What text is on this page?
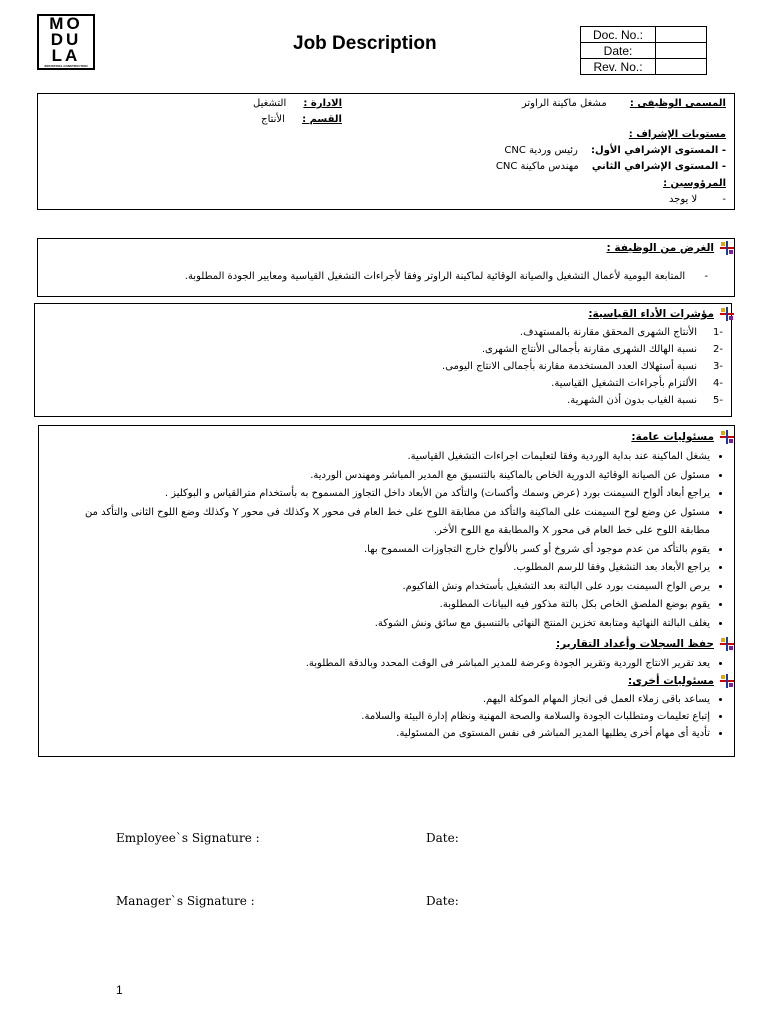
MO
DU
LA
INDUSTRIAL CONSTRUCTION
Job Description	Doc. No.:	
Date:	
Rev. No.:	
المسمى الوظيفى : مشغل ماكينة الراوتر
الادارة : التشغيل
القسم : الأنتاج
مستويات الإشراف :
- المستوى الإشرافي الأول: رئيس وردية CNC
- المستوى الإشرافي الثاني مهندس ماكينة CNC
المرؤوسين :
- لا يوجد
الغرض من الوظيفة :
- المتابعة اليومية لأعمال التشغيل والصيانة الوقائية لماكينة الراوتر وفقا لأجراءات التشغيل القياسية ومعايير الجودة المطلوبة.
مؤشرات الأداء القياسية:
الأنتاج الشهرى المحقق مقارنة بالمستهدف.
نسبة الهالك الشهرى مقارنة بأجمالى الأنتاج الشهرى.
نسبة أستهلاك العدد المستخدمة مقارنة بأجمالى الانتاج اليومى.
الألتزام بأجراءات التشغيل القياسية.
نسبة الغياب بدون أذن الشهرية.
مسئوليات عامة:
• يشغل الماكينة عند بداية الوردية وفقا لتعليمات اجراءات التشغيل القياسية.
• مسئول عن الصيانة الوقائية الدورية الخاص بالماكينة بالتنسيق مع المدير المباشر ومهندس الوردية.
• يراجع أبعاد ألواح السيمنت بورد (عرض وسمك وأكسات) والتأكد من الأبعاد داخل التجاوز المسموح به بأستخدام مترالقياس و البوكليز .
• مسئول عن وضع لوح السيمنت على الماكينة والتأكد من مطابقة اللوح على خط العام فى محور X وكذلك فى محور Y وكذلك وضع اللوح الثانى والتأكد من مطابقة اللوح على خط العام فى محور X والمطابقة مع اللوح الأخر.
• يقوم بالتأكد من عدم موجود أى شروخ أو كسر بالألواح خارج التجاوزات المسموح بها.
• يراجع الأبعاد بعد التشغيل وفقا للرسم المطلوب.
• يرص الواح السيمنت بورد على البالتة بعد التشغيل بأستخدام ونش الفاكيوم.
• يقوم بوضع الملصق الخاص بكل بالتة مذكور فيه البيانات المطلوبة.
• يغلف البالتة النهائية ومتابعة تخزين المنتج النهائى بالتنسيق مع سائق ونش الشوكة.
حفظ السجلات وأعداد التقارير:
• يعد تقرير الانتاج الوردية وتقرير الجودة وعرضة للمدير المباشر فى الوقت المحدد وبالدقة المطلوبة.
مسئوليات أخرى:
• يساعد باقى زملاء العمل فى انجاز المهام الموكلة اليهم.
• إتباع تعليمات ومتطلبات الجودة والسلامة والصحة المهنية ونظام إدارة البيئة والسلامة.
• تأدية أى مهام أخرى يطلبها المدير المباشر فى نفس المستوى من المسئولية.
Employee`s Signature :	Date:
Manager`s Signature :	Date:
1
